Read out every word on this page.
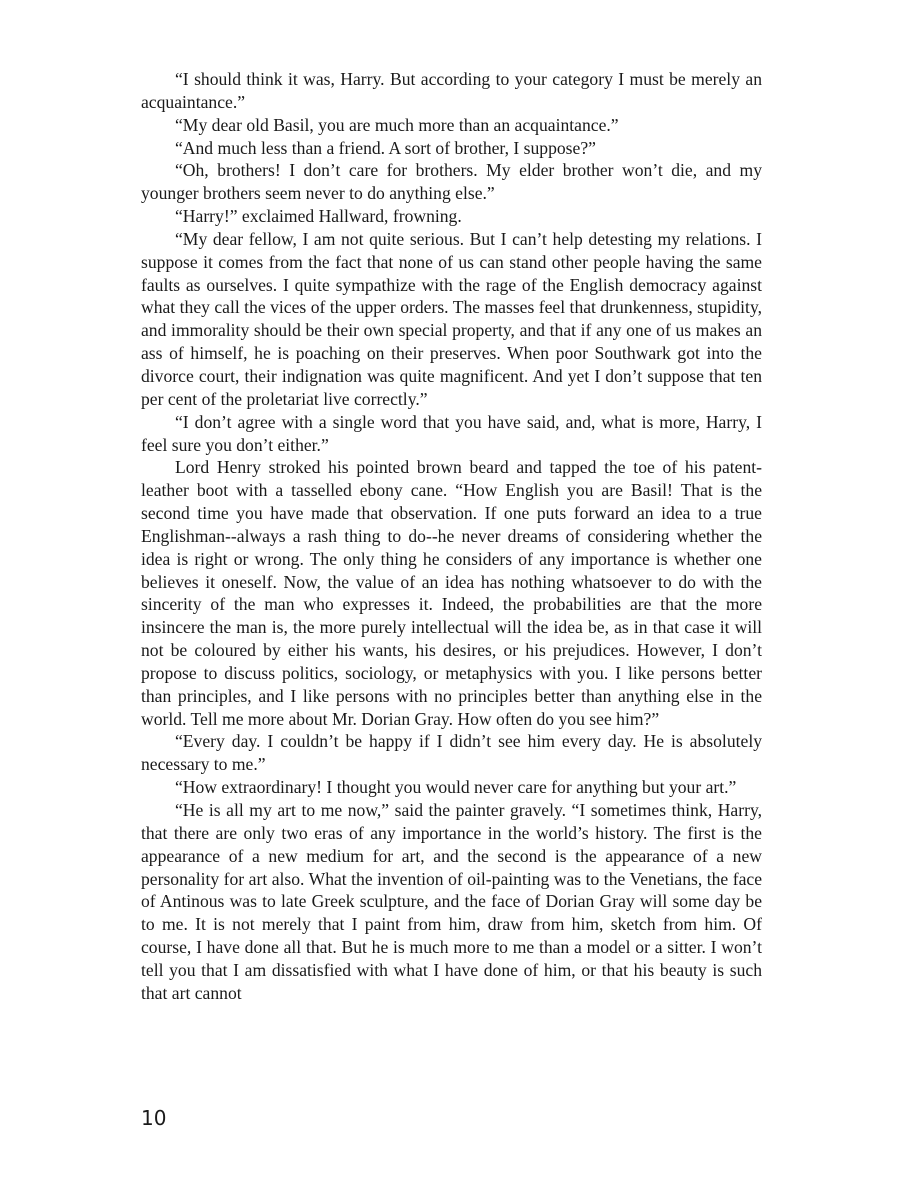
“I should think it was, Harry. But according to your category I must be merely an acquaintance.”

“My dear old Basil, you are much more than an acquaintance.”

“And much less than a friend. A sort of brother, I suppose?”

“Oh, brothers! I don’t care for brothers. My elder brother won’t die, and my younger brothers seem never to do anything else.”

“Harry!” exclaimed Hallward, frowning.

“My dear fellow, I am not quite serious. But I can’t help detesting my relations. I suppose it comes from the fact that none of us can stand other people having the same faults as ourselves. I quite sympathize with the rage of the English democracy against what they call the vices of the upper orders. The masses feel that drunkenness, stupidity, and immorality should be their own special property, and that if any one of us makes an ass of himself, he is poaching on their preserves. When poor Southwark got into the divorce court, their indignation was quite magnificent. And yet I don’t suppose that ten per cent of the proletariat live correctly.”

“I don’t agree with a single word that you have said, and, what is more, Harry, I feel sure you don’t either.”

Lord Henry stroked his pointed brown beard and tapped the toe of his patent-leather boot with a tasselled ebony cane. “How English you are Basil! That is the second time you have made that observation. If one puts forward an idea to a true Englishman--always a rash thing to do--he never dreams of considering whether the idea is right or wrong. The only thing he considers of any importance is whether one believes it oneself. Now, the value of an idea has nothing whatsoever to do with the sincerity of the man who expresses it. Indeed, the probabilities are that the more insincere the man is, the more purely intellectual will the idea be, as in that case it will not be coloured by either his wants, his desires, or his prejudices. However, I don’t propose to discuss politics, sociology, or metaphysics with you. I like persons better than principles, and I like persons with no principles better than anything else in the world. Tell me more about Mr. Dorian Gray. How often do you see him?”

“Every day. I couldn’t be happy if I didn’t see him every day. He is absolutely necessary to me.”

“How extraordinary! I thought you would never care for anything but your art.”

“He is all my art to me now,” said the painter gravely. “I sometimes think, Harry, that there are only two eras of any importance in the world’s history. The first is the appearance of a new medium for art, and the second is the appearance of a new personality for art also. What the invention of oil-painting was to the Venetians, the face of Antinous was to late Greek sculpture, and the face of Dorian Gray will some day be to me. It is not merely that I paint from him, draw from him, sketch from him. Of course, I have done all that. But he is much more to me than a model or a sitter. I won’t tell you that I am dissatisfied with what I have done of him, or that his beauty is such that art cannot

10
